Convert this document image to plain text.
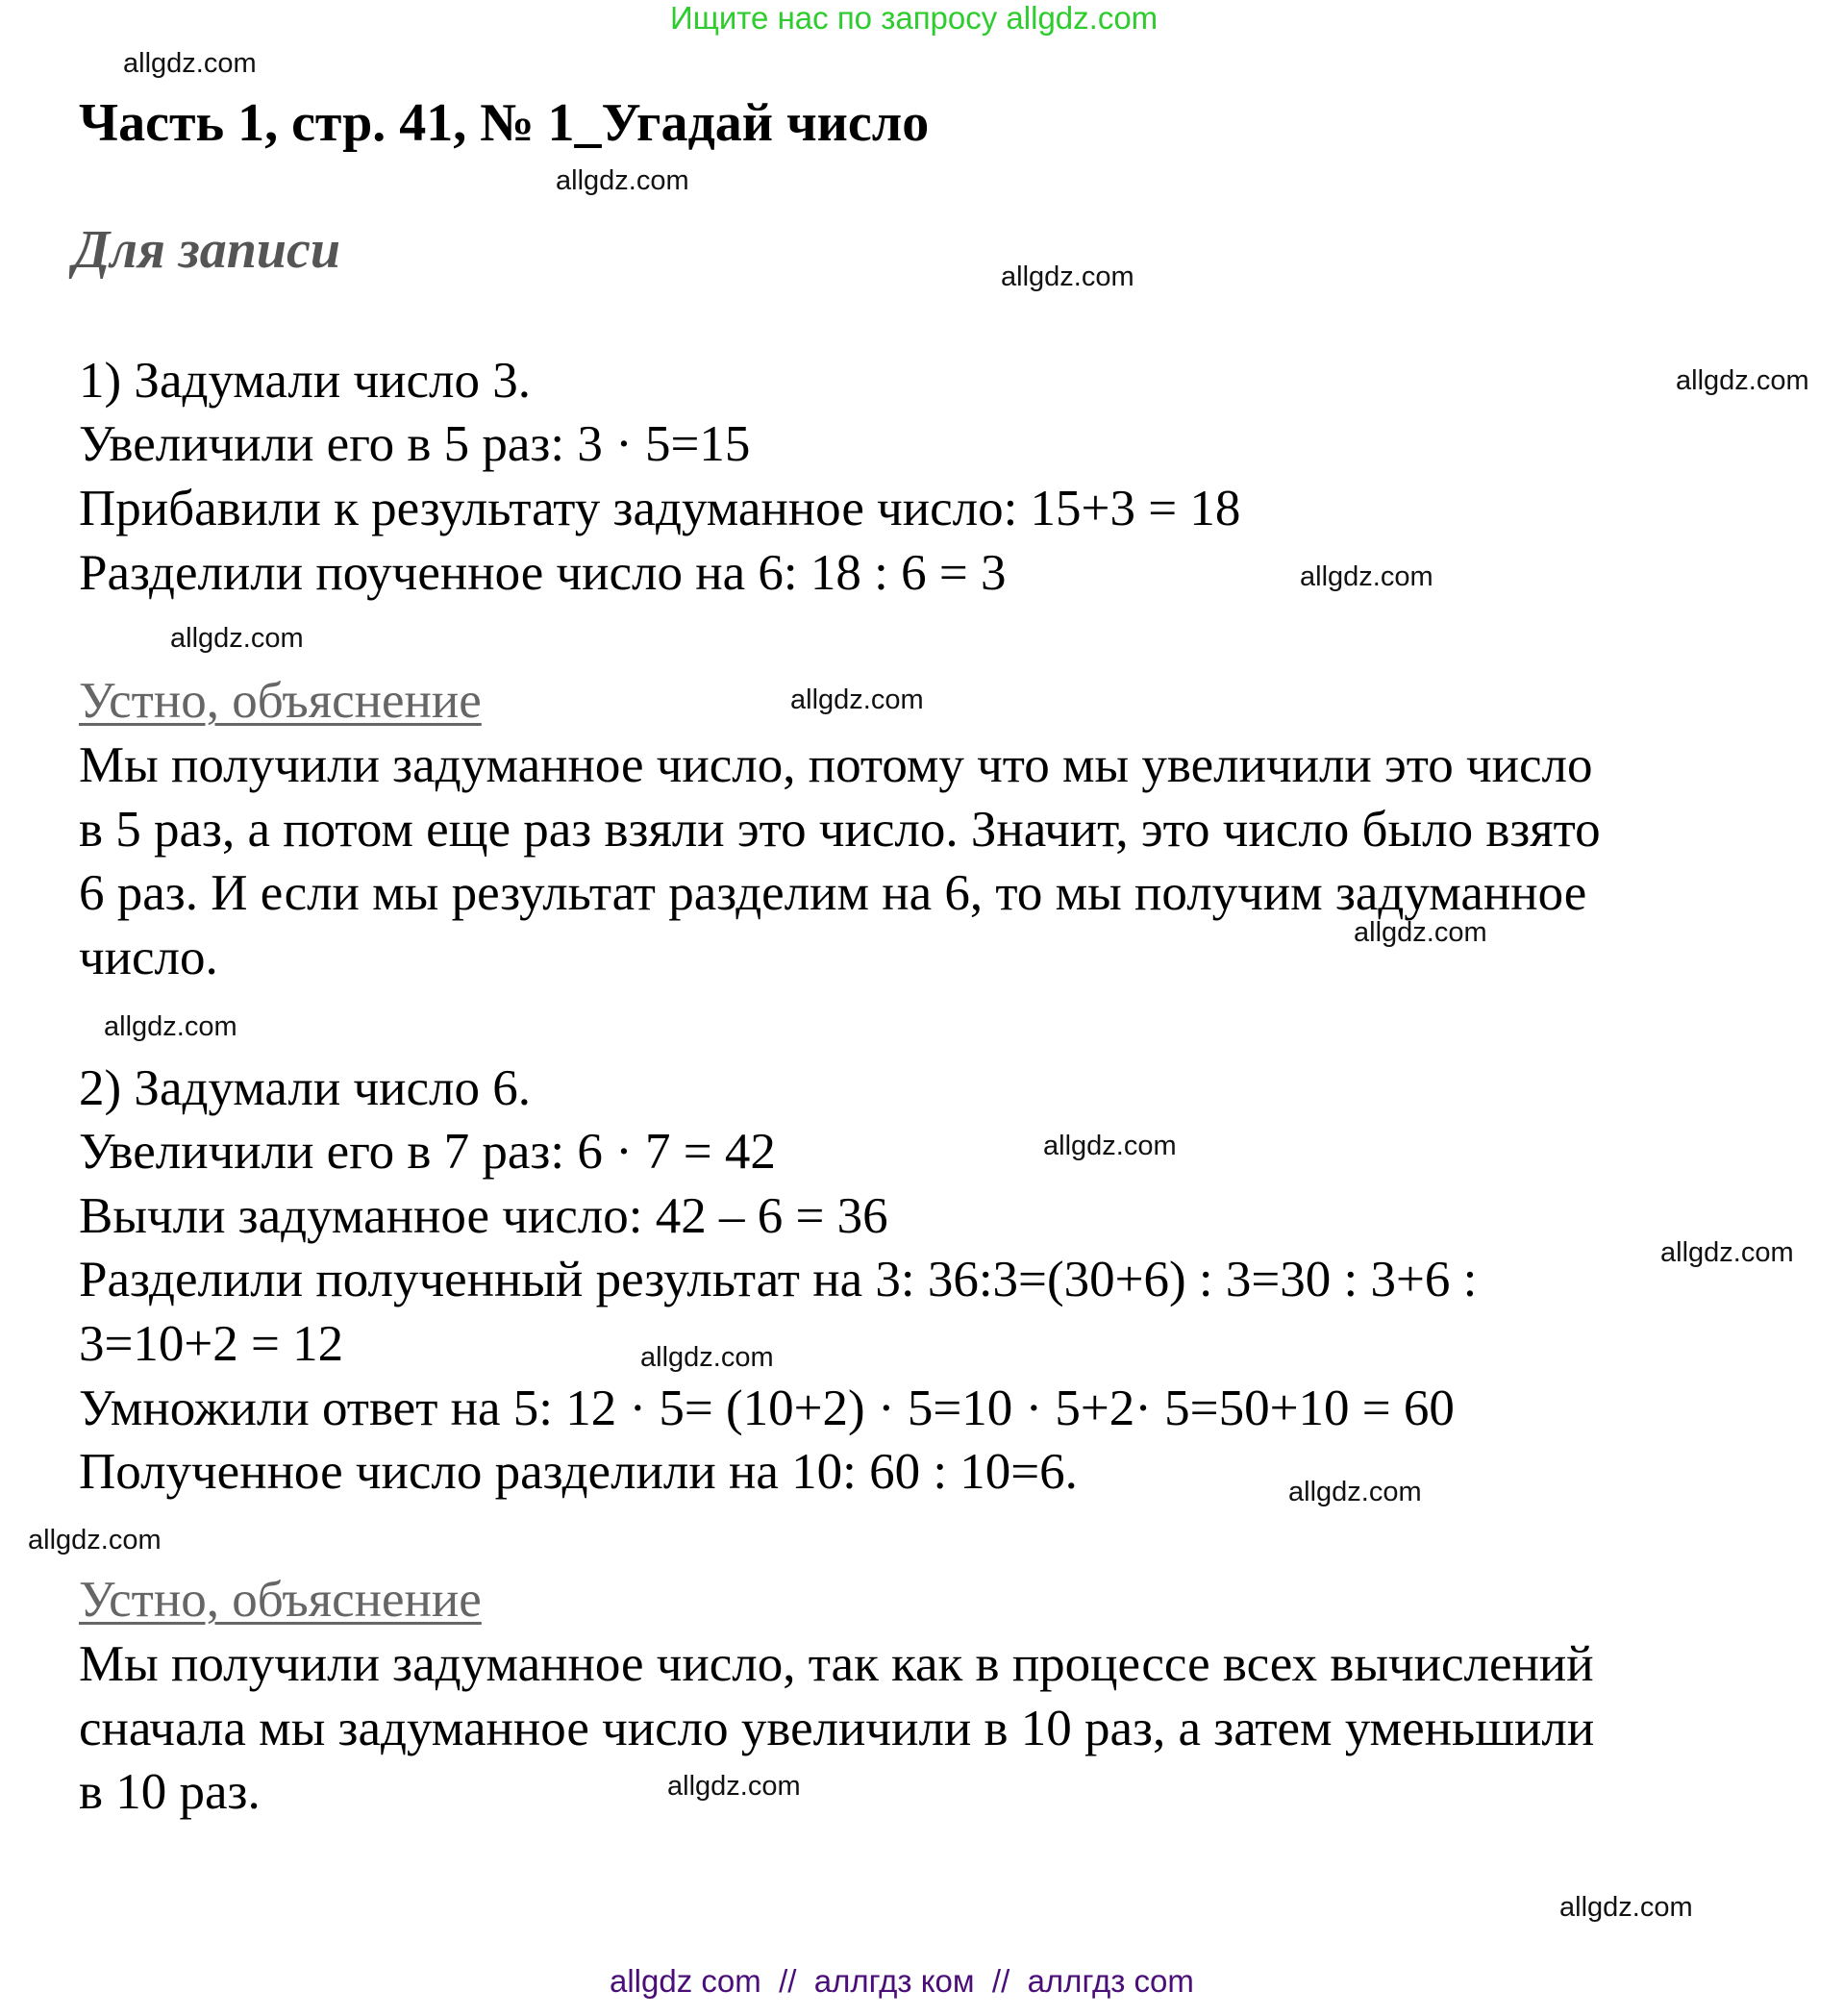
Ищите нас по запросу allgdz.com
allgdz.com
Часть 1, стр. 41, № 1_Угадай число
allgdz.com
Для записи	allgdz.com
allgdz.com
1) Задумали число 3.
Увеличили его в 5 раз: 3 · 5=15
Прибавили к результату задуманное число: 15+3 = 18
Разделили поученное число на 6: 18 : 6 = 3	allgdz.com
allgdz.com
Устно, объяснение	allgdz.com
Мы получили задуманное число, потому что мы увеличили это число
в 5 раз, а потом еще раз взяли это число. Значит, это число было взято
6 раз. И если мы результат разделим на 6, то мы получим задуманное
allgdz.com
число.
allgdz.com
2) Задумали число 6.
Увеличили его в 7 раз: 6 · 7 = 42	allgdz.com
Вычли задуманное число: 42 – 6 = 36
allgdz.com
Разделили полученный результат на 3: 36:3=(30+6) : 3=30 : 3+6 :
3=10+2 = 12	allgdz.com
Умножили ответ на 5: 12 · 5= (10+2) · 5=10 · 5+2· 5=50+10 = 60
Полученное число разделили на 10: 60 : 10=6.	allgdz.com
allgdz.com
Устно, объяснение
Мы получили задуманное число, так как в процессе всех вычислений
сначала мы задуманное число увеличили в 10 раз, а затем уменьшили
в 10 раз.	allgdz.com
allgdz.com
allgdz com  //  аллгдз ком  //  аллгдз com
